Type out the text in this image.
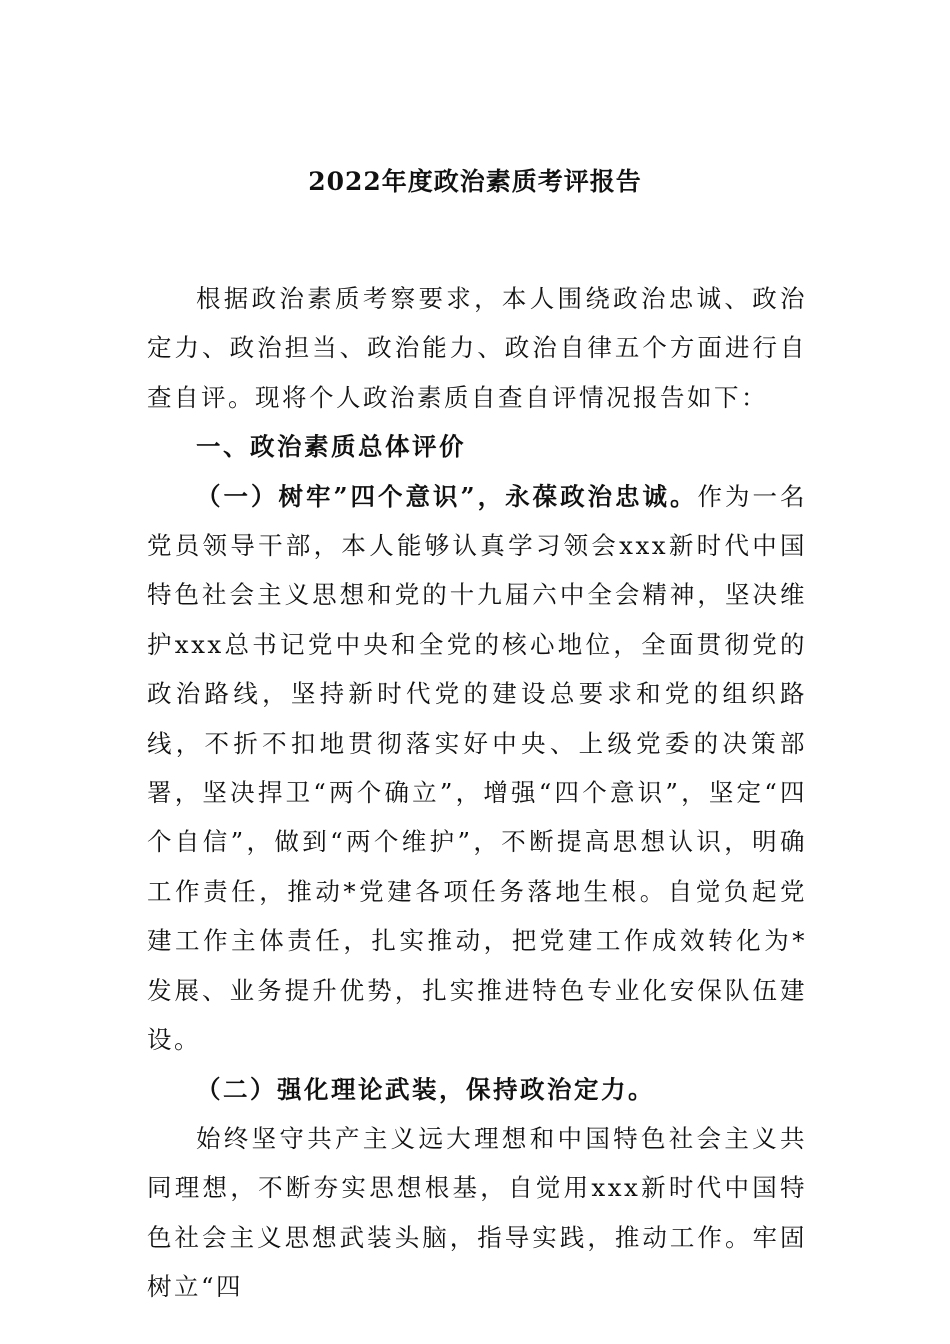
2022年度政治素质考评报告

根据政治素质考察要求，本人围绕政治忠诚、政治定力、政治担当、政治能力、政治自律五个方面进行自查自评。现将个人政治素质自查自评情况报告如下：

一、政治素质总体评价

（一）树牢”四个意识”，永葆政治忠诚。作为一名党员领导干部，本人能够认真学习领会xxx新时代中国特色社会主义思想和党的十九届六中全会精神，坚决维护xxx总书记党中央和全党的核心地位，全面贯彻党的政治路线，坚持新时代党的建设总要求和党的组织路线，不折不扣地贯彻落实好中央、上级党委的决策部署，坚决捍卫“两个确立”，增强“四个意识”，坚定“四个自信”，做到“两个维护”，不断提高思想认识，明确工作责任，推动*党建各项任务落地生根。自觉负起党建工作主体责任，扎实推动，把党建工作成效转化为*发展、业务提升优势，扎实推进特色专业化安保队伍建设。

（二）强化理论武装，保持政治定力。

始终坚守共产主义远大理想和中国特色社会主义共同理想，不断夯实思想根基，自觉用xxx新时代中国特色社会主义思想武装头脑，指导实践，推动工作。牢固树立“四
